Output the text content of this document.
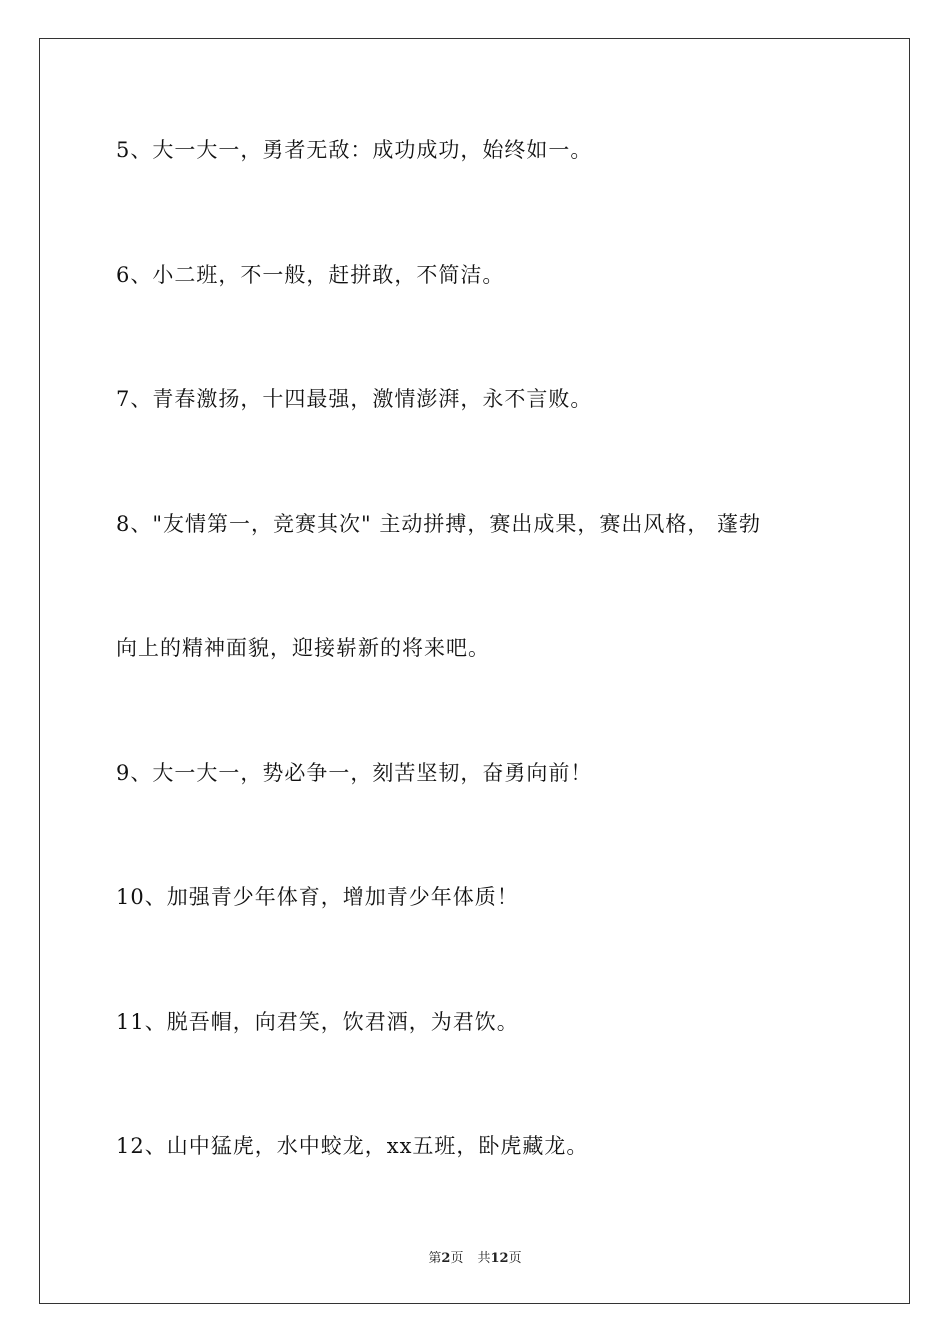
5、大一大一，勇者无敌：成功成功，始终如一。
6、小二班，不一般，赶拼敢，不简洁。
7、青春激扬，十四最强，激情澎湃，永不言败。
8、"友情第一，竞赛其次" 主动拼搏，赛出成果，赛出风格， 蓬勃
向上的精神面貌，迎接崭新的将来吧。
9、大一大一，势必争一，刻苦坚韧，奋勇向前！
10、加强青少年体育，增加青少年体质！
11、脱吾帽，向君笑，饮君酒，为君饮。
12、山中猛虎，水中蛟龙，xx五班，卧虎藏龙。
第2页 共12页
